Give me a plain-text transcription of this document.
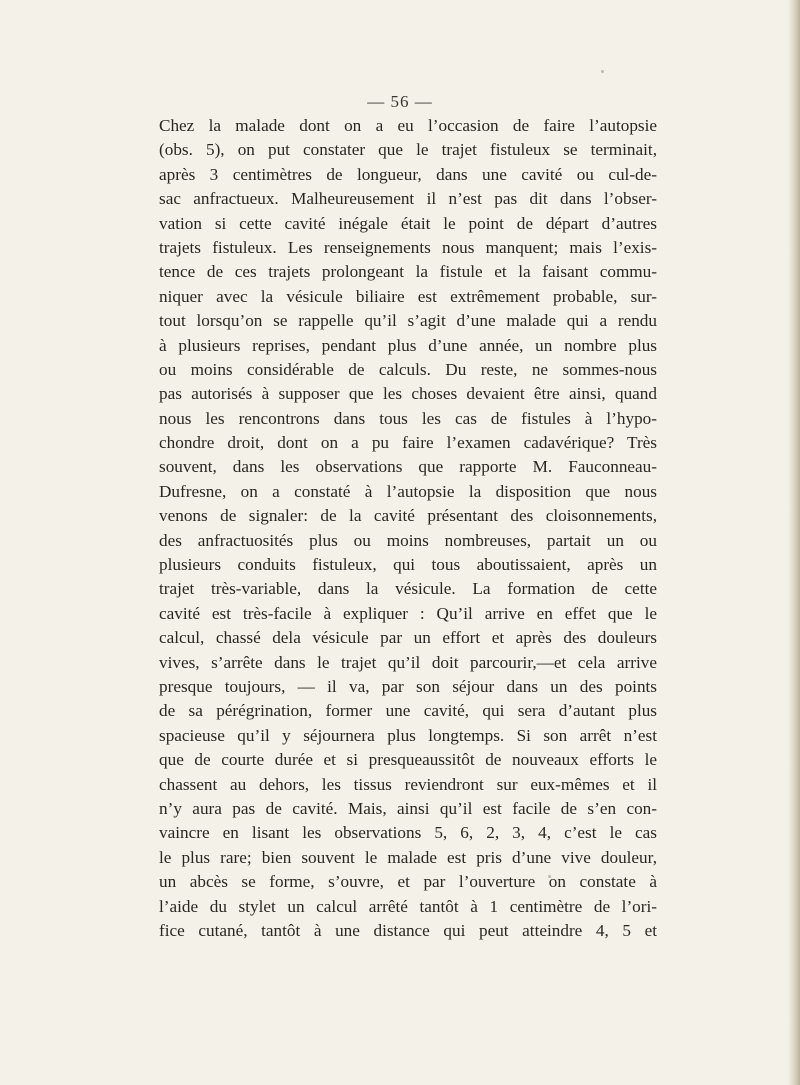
— 56 —
Chez la malade dont on a eu l’occasion de faire l’autopsie
(obs. 5), on put constater que le trajet fistuleux se terminait,
après 3 centimètres de longueur, dans une cavité ou cul-de-
sac anfractueux. Malheureusement il n’est pas dit dans l’obser-
vation si cette cavité inégale était le point de départ d’autres
trajets fistuleux. Les renseignements nous manquent; mais l’exis-
tence de ces trajets prolongeant la fistule et la faisant commu-
niquer avec la vésicule biliaire est extrêmement probable, sur-
tout lorsqu’on se rappelle qu’il s’agit d’une malade qui a rendu
à plusieurs reprises, pendant plus d’une année, un nombre plus
ou moins considérable de calculs. Du reste, ne sommes-nous
pas autorisés à supposer que les choses devaient être ainsi, quand
nous les rencontrons dans tous les cas de fistules à l’hypo-
chondre droit, dont on a pu faire l’examen cadavérique? Très
souvent, dans les observations que rapporte M. Fauconneau-
Dufresne, on a constaté à l’autopsie la disposition que nous
venons de signaler: de la cavité présentant des cloisonnements,
des anfractuosités plus ou moins nombreuses, partait un ou
plusieurs conduits fistuleux, qui tous aboutissaient, après un
trajet très-variable, dans la vésicule. La formation de cette
cavité est très-facile à expliquer : Qu’il arrive en effet que le
calcul, chassé dela vésicule par un effort et après des douleurs
vives, s’arrête dans le trajet qu’il doit parcourir,—et cela arrive
presque toujours, — il va, par son séjour dans un des points
de sa pérégrination, former une cavité, qui sera d’autant plus
spacieuse qu’il y séjournera plus longtemps. Si son arrêt n’est
que de courte durée et si presqueaussitôt de nouveaux efforts le
chassent au dehors, les tissus reviendront sur eux-mêmes et il
n’y aura pas de cavité. Mais, ainsi qu’il est facile de s’en con-
vaincre en lisant les observations 5, 6, 2, 3, 4, c’est le cas
le plus rare; bien souvent le malade est pris d’une vive douleur,
un abcès se forme, s’ouvre, et par l’ouverture on constate à
l’aide du stylet un calcul arrêté tantôt à 1 centimètre de l’ori-
fice cutané, tantôt à une distance qui peut atteindre 4, 5 et
